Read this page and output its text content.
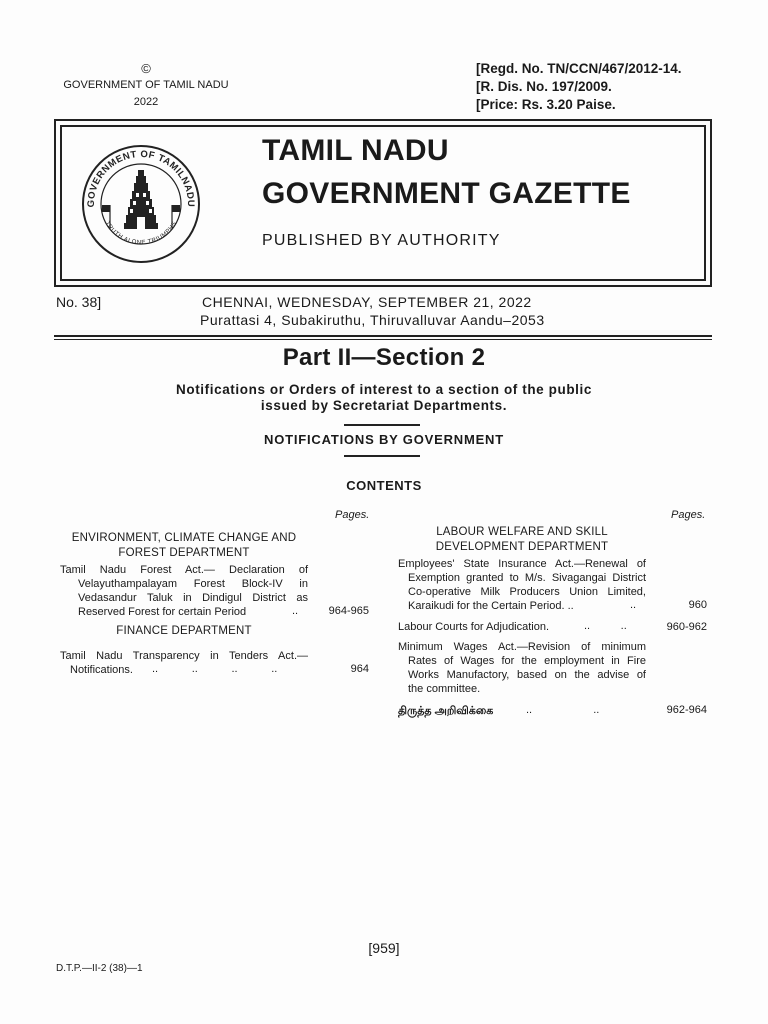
©
GOVERNMENT OF TAMIL NADU
2022
[Regd. No. TN/CCN/467/2012-14.
[R. Dis. No. 197/2009.
[Price: Rs. 3.20 Paise.
GOVERNMENT OF TAMILNADU
TRUTH ALONE TRIUMPHS
TAMIL NADU
GOVERNMENT GAZETTE
PUBLISHED BY AUTHORITY
No. 38]	CHENNAI, WEDNESDAY, SEPTEMBER 21, 2022
Purattasi 4, Subakiruthu, Thiruvalluvar Aandu–2053
Part II—Section 2
Notifications or Orders of interest to a section of the public
issued by Secretariat Departments.
NOTIFICATIONS BY GOVERNMENT
CONTENTS
Pages.
ENVIRONMENT, CLIMATE CHANGE AND
FOREST DEPARTMENT
Tamil Nadu Forest Act.— Declaration of
Velayuthampalayam Forest Block-IV in
Vedasandur Taluk in Dindigul District as
Reserved Forest for certain Period	..	964-965
FINANCE DEPARTMENT
Tamil Nadu Transparency in Tenders Act.—
Notifications.	..           ..           ..           ..	964
Pages.
LABOUR WELFARE AND SKILL
DEVELOPMENT DEPARTMENT
Employees' State Insurance Act.—Renewal of
Exemption granted to M/s. Sivagangai District
Co-operative Milk Producers Union Limited,
Karaikudi for the Certain Period. ..	..	960
Labour Courts for Adjudication.	..          ..	960-962
Minimum Wages Act.—Revision of minimum
Rates of Wages for the employment in Fire
Works Manufactory, based on the advise of
the committee.
திருத்த அறிவிக்கை	..                    ..	962-964
[959]
D.T.P.—II-2 (38)—1
